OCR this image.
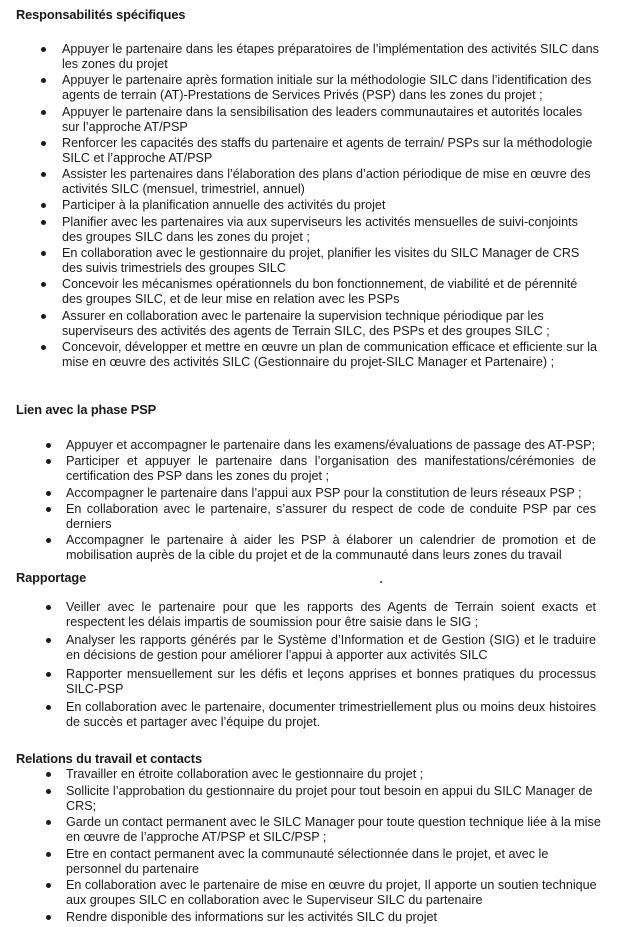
Responsabilités spécifiques
Appuyer le partenaire dans les étapes préparatoires de l’implémentation des activités SILC dans les zones du projet
Appuyer le partenaire après formation initiale sur la méthodologie SILC dans l’identification des agents de terrain (AT)-Prestations de Services Privés (PSP) dans les zones du projet ;
Appuyer le partenaire dans la sensibilisation des leaders communautaires et autorités locales sur l’approche AT/PSP
Renforcer les capacités des staffs du partenaire et agents de terrain/ PSPs sur la méthodologie SILC et l’approche AT/PSP
Assister les partenaires dans l’élaboration des plans d’action périodique de mise en œuvre des activités SILC (mensuel, trimestriel, annuel)
Participer à la planification annuelle des activités du projet
Planifier avec les partenaires via aux superviseurs les activités mensuelles de suivi-conjoints des groupes SILC dans les zones du projet ;
En collaboration avec le gestionnaire du projet, planifier les visites du SILC Manager de CRS des suivis trimestriels des groupes SILC
Concevoir les mécanismes opérationnels du bon fonctionnement, de viabilité et de pérennité des groupes SILC, et de leur mise en relation avec les PSPs
Assurer en collaboration avec le partenaire la supervision technique périodique par les superviseurs des activités des agents de Terrain SILC, des PSPs et des groupes SILC ;
Concevoir, développer et mettre en œuvre un plan de communication efficace et efficiente sur la mise en œuvre des activités SILC (Gestionnaire du projet-SILC Manager et Partenaire) ;
Lien avec la phase PSP
Appuyer et accompagner le partenaire dans les examens/évaluations de passage des AT-PSP;
Participer et appuyer le partenaire dans l’organisation des manifestations/cérémonies de certification des PSP dans les zones du projet ;
Accompagner le partenaire dans l’appui aux PSP pour la constitution de leurs réseaux PSP ;
En collaboration avec le partenaire, s’assurer du respect de code de conduite PSP par ces derniers
Accompagner le partenaire à aider les PSP à élaborer un calendrier de promotion et de mobilisation auprès de la cible du projet et de la communauté dans leurs zones du travail
Rapportage
Veiller avec le partenaire pour que les rapports des Agents de Terrain soient exacts et respectent les délais impartis de soumission pour être saisie dans le SIG ;
Analyser les rapports générés par le Système d’Information et de Gestion (SIG) et le traduire en décisions de gestion pour améliorer l’appui à apporter aux activités SILC
Rapporter mensuellement sur les défis et leçons apprises et bonnes pratiques du processus SILC-PSP
En collaboration avec le partenaire, documenter trimestriellement plus ou moins deux histoires de succès et partager avec l’équipe du projet.
Relations du travail et contacts
Travailler en étroite collaboration avec le gestionnaire du projet ;
Sollicite l’approbation du gestionnaire du projet pour tout besoin en appui du SILC Manager de CRS;
Garde un contact permanent avec le SILC Manager pour toute question technique liée à la mise en œuvre de l’approche AT/PSP et SILC/PSP ;
Etre en contact permanent avec la communauté sélectionnée dans le projet, et avec le personnel du partenaire
En collaboration avec le partenaire de mise en œuvre du projet, Il apporte un soutien technique aux groupes SILC en collaboration avec le Superviseur SILC du partenaire
Rendre disponible des informations sur les activités SILC du projet
